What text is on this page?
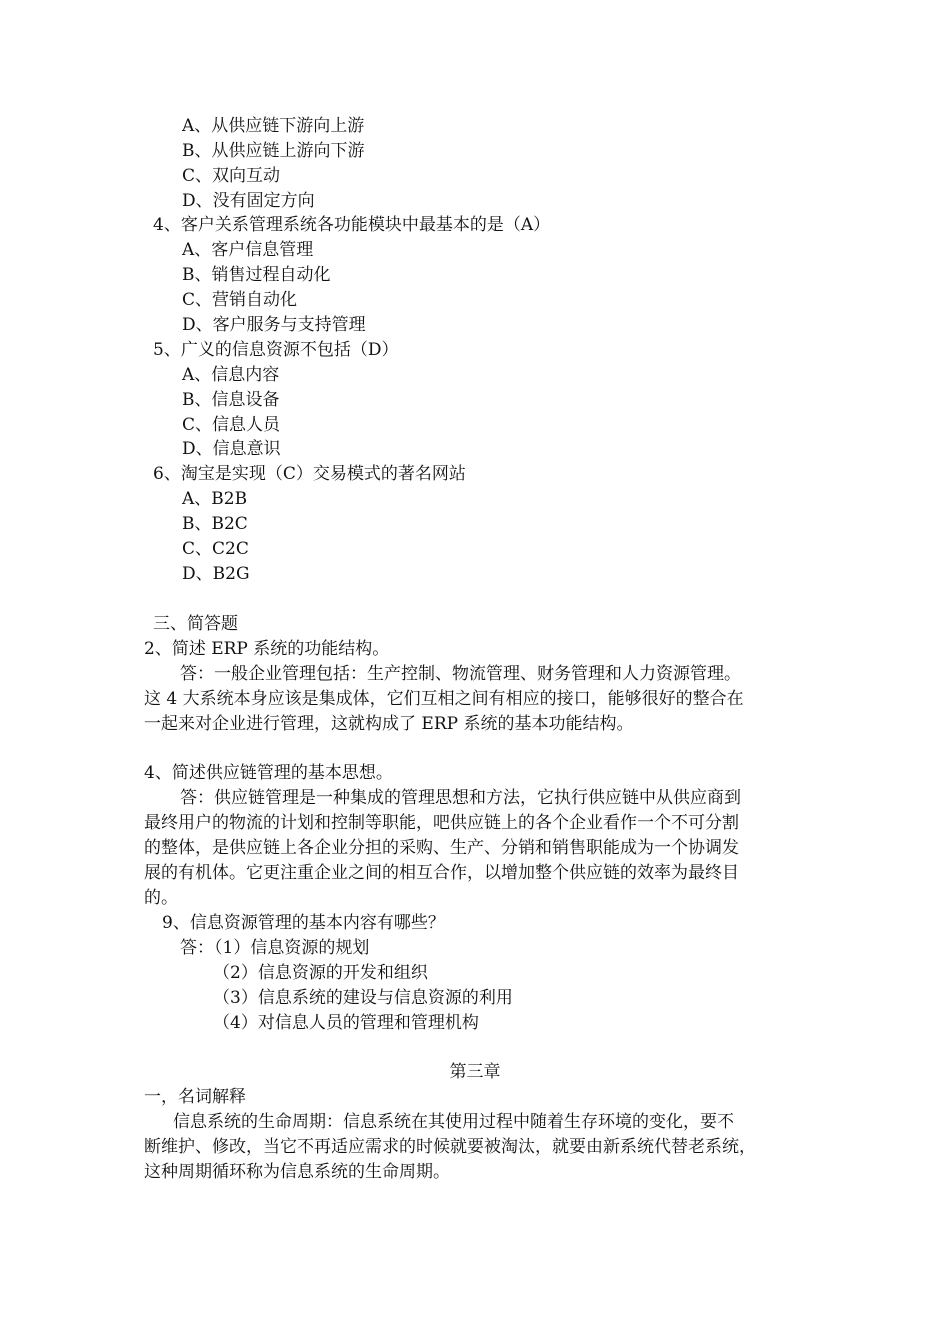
A、从供应链下游向上游
B、从供应链上游向下游
C、双向互动
D、没有固定方向
4、客户关系管理系统各功能模块中最基本的是（A）
A、客户信息管理
B、销售过程自动化
C、营销自动化
D、客户服务与支持管理
5、广义的信息资源不包括（D）
A、信息内容
B、信息设备
C、信息人员
D、信息意识
6、淘宝是实现（C）交易模式的著名网站
A、B2B
B、B2C
C、C2C
D、B2G
三、简答题
2、简述 ERP 系统的功能结构。
答：一般企业管理包括：生产控制、物流管理、财务管理和人力资源管理。
这 4 大系统本身应该是集成体，它们互相之间有相应的接口，能够很好的整合在
一起来对企业进行管理，这就构成了 ERP 系统的基本功能结构。
4、简述供应链管理的基本思想。
答：供应链管理是一种集成的管理思想和方法，它执行供应链中从供应商到
最终用户的物流的计划和控制等职能，吧供应链上的各个企业看作一个不可分割
的整体，是供应链上各企业分担的采购、生产、分销和销售职能成为一个协调发
展的有机体。它更注重企业之间的相互合作，以增加整个供应链的效率为最终目
的。
9、信息资源管理的基本内容有哪些？
答：（1）信息资源的规划
（2）信息资源的开发和组织
（3）信息系统的建设与信息资源的利用
（4）对信息人员的管理和管理机构
第三章
一，名词解释
信息系统的生命周期：信息系统在其使用过程中随着生存环境的变化，要不
断维护、修改，当它不再适应需求的时候就要被淘汰，就要由新系统代替老系统，
这种周期循环称为信息系统的生命周期。
